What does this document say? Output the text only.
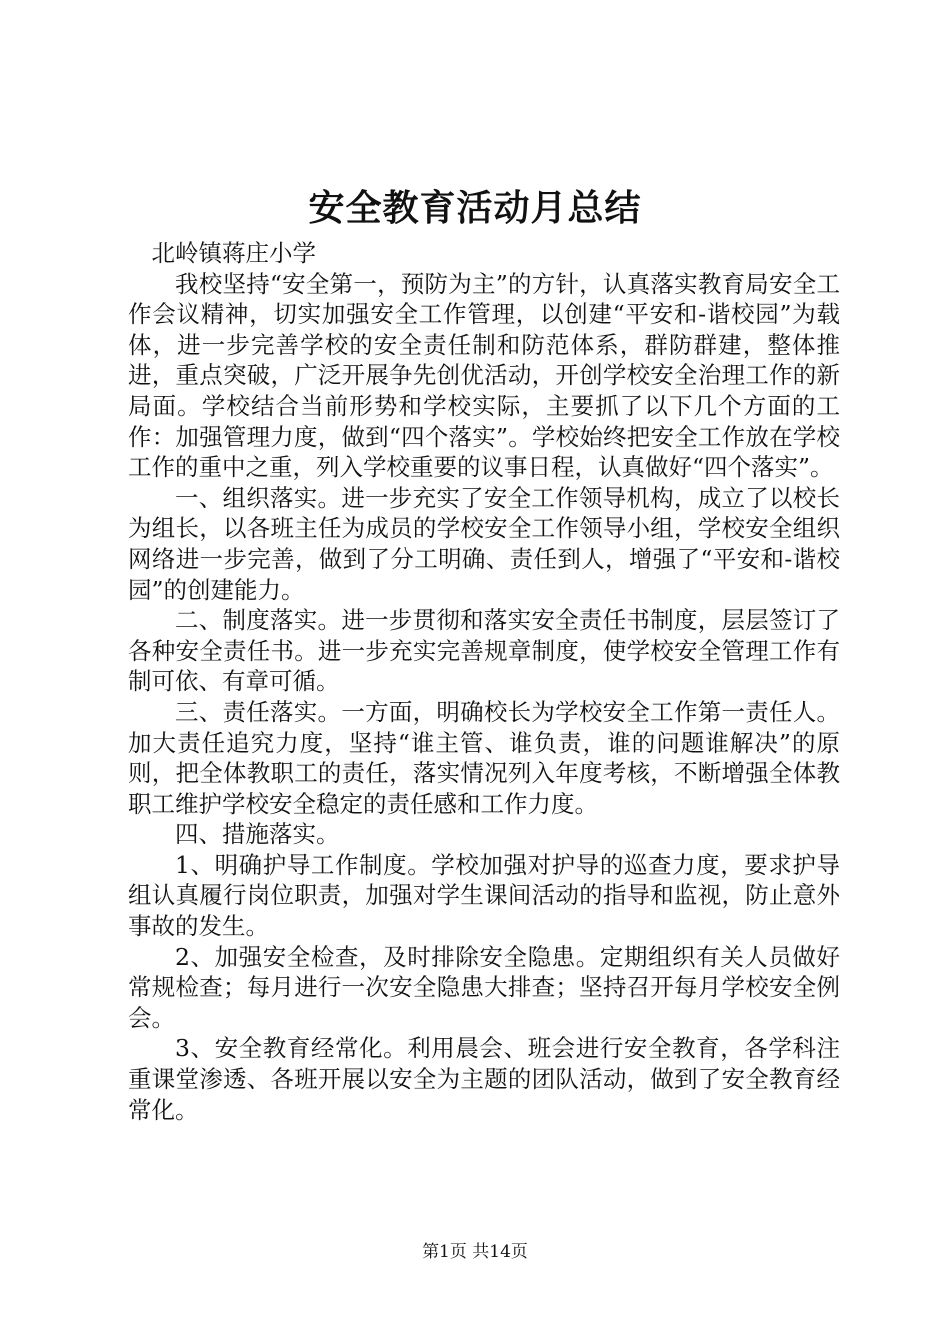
安全教育活动月总结

北岭镇蒋庄小学

我校坚持“安全第一，预防为主”的方针，认真落实教育局安全工作会议精神，切实加强安全工作管理，以创建“平安和-谐校园”为载体，进一步完善学校的安全责任制和防范体系，群防群建，整体推进，重点突破，广泛开展争先创优活动，开创学校安全治理工作的新局面。学校结合当前形势和学校实际，主要抓了以下几个方面的工作：加强管理力度，做到“四个落实”。学校始终把安全工作放在学校工作的重中之重，列入学校重要的议事日程，认真做好“四个落实”。

一、组织落实。进一步充实了安全工作领导机构，成立了以校长为组长，以各班主任为成员的学校安全工作领导小组，学校安全组织网络进一步完善，做到了分工明确、责任到人，增强了“平安和-谐校园”的创建能力。

二、制度落实。进一步贯彻和落实安全责任书制度，层层签订了各种安全责任书。进一步充实完善规章制度，使学校安全管理工作有制可依、有章可循。

三、责任落实。一方面，明确校长为学校安全工作第一责任人。加大责任追究力度，坚持“谁主管、谁负责，谁的问题谁解决”的原则，把全体教职工的责任，落实情况列入年度考核，不断增强全体教职工维护学校安全稳定的责任感和工作力度。

四、措施落实。

1、明确护导工作制度。学校加强对护导的巡查力度，要求护导组认真履行岗位职责，加强对学生课间活动的指导和监视，防止意外事故的发生。

2、加强安全检查，及时排除安全隐患。定期组织有关人员做好常规检查；每月进行一次安全隐患大排查；坚持召开每月学校安全例会。

3、安全教育经常化。利用晨会、班会进行安全教育，各学科注重课堂渗透、各班开展以安全为主题的团队活动，做到了安全教育经常化。

第1页 共14页
